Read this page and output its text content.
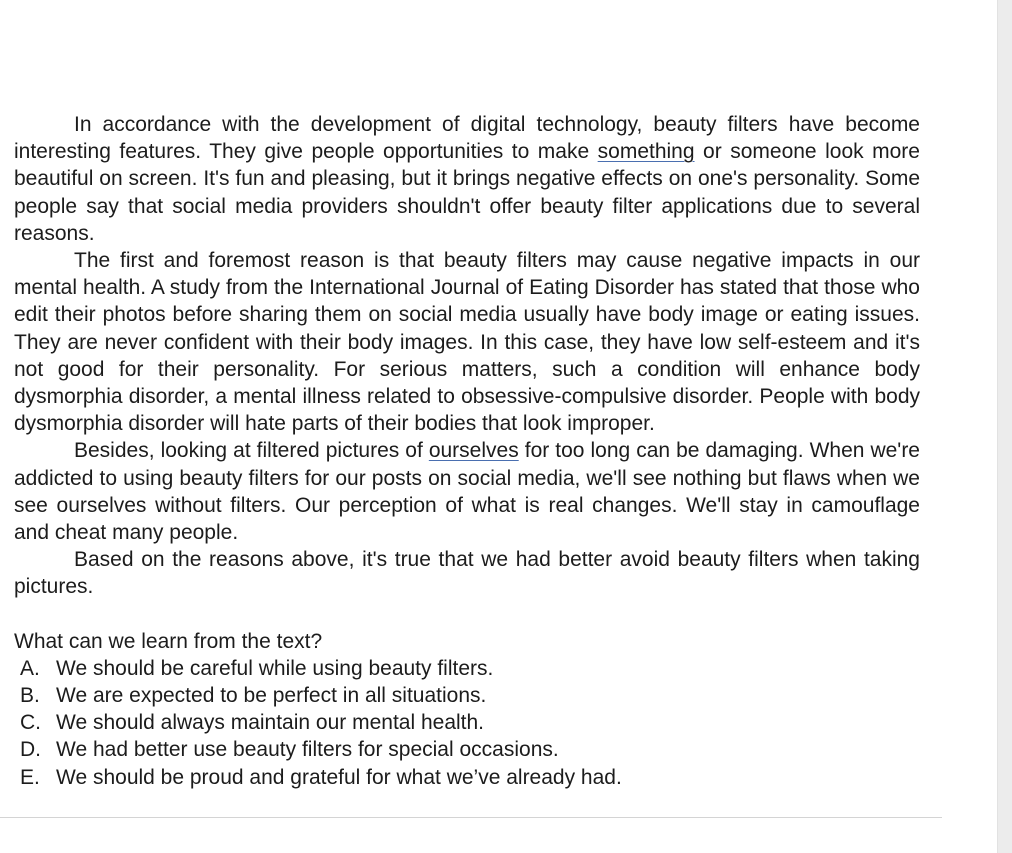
In accordance with the development of digital technology, beauty filters have become interesting features. They give people opportunities to make something or someone look more beautiful on screen. It's fun and pleasing, but it brings negative effects on one's personality. Some people say that social media providers shouldn't offer beauty filter applications due to several reasons.

The first and foremost reason is that beauty filters may cause negative impacts in our mental health. A study from the International Journal of Eating Disorder has stated that those who edit their photos before sharing them on social media usually have body image or eating issues. They are never confident with their body images. In this case, they have low self-esteem and it's not good for their personality. For serious matters, such a condition will enhance body dysmorphia disorder, a mental illness related to obsessive-compulsive disorder. People with body dysmorphia disorder will hate parts of their bodies that look improper.

Besides, looking at filtered pictures of ourselves for too long can be damaging. When we're addicted to using beauty filters for our posts on social media, we'll see nothing but flaws when we see ourselves without filters. Our perception of what is real changes. We'll stay in camouflage and cheat many people.

Based on the reasons above, it's true that we had better avoid beauty filters when taking pictures.

What can we learn from the text?

A. We should be careful while using beauty filters.
B. We are expected to be perfect in all situations.
C. We should always maintain our mental health.
D. We had better use beauty filters for special occasions.
E. We should be proud and grateful for what we’ve already had.
